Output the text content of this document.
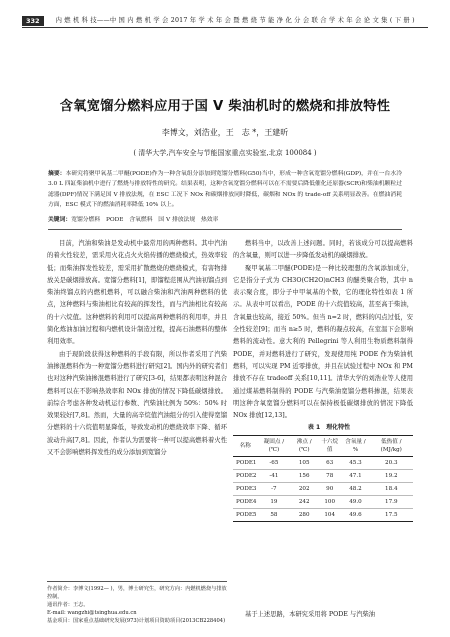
332	内 燃 机 科 技——中 国 内 燃 机 学 会 2017 年 学 术 年 会 暨 燃 烧 节 能 净 化 分 会 联 合 学 术 年 会 论 文 集 ( 下 册 )
含氧宽馏分燃料应用于国 V 柴油机时的燃烧和排放特性
李博文，刘浩业，王　志 *，王建昕
( 清华大学,汽车安全与节能国家重点实验室,北京 100084 )
摘要：本研究将聚甲氧基二甲醚(PODE)作为一种含氧组分添加到宽馏分燃料(G50)当中，形成一种含氧宽馏分燃料(GDP)，并在一台水冷 3.0 L 四缸柴油机中进行了燃烧与排放特性的研究。结果表明，这种含氧宽馏分燃料可以在不需要后降低催化还原器(SCR)和柴油机颗粒过滤器(DPF)情况下满足国 V 排放法规，在 ESC 工况下 NOx 和碳烟排放同时降低，碳烟和 NOx 的 trade-off 关系明显改善。在燃油消耗方面，ESC 模式下的燃油消耗率降低 10% 以上。
关键词：宽馏分燃料　PODE　含氧燃料　国 V 排放法规　热效率

目前，汽油和柴油是发动机中最常用的两种燃料。其中汽油的着火性较差，需采用火花点火火焰传播的燃烧模式，热效率较低；而柴油挥发性较差，需采用扩散燃烧的燃烧模式，有害物排放关是碳烟排放高。宽馏分燃料[1]，即馏程范围从汽油初馏点到柴油终馏点的内燃机燃料，可以融合柴油和汽油两种燃料的优点，这种燃料与柴油相比有较高的挥发性，而与汽油相比有较高的十六烷值。这种燃料的利用可以提高两种燃料的利用率，并且简化炼油加油过程和内燃机设计制造过程，提高石油燃料的整体利用效率。

由于现阶段获得这种燃料的手段有限，所以作者采用了汽柴油掺混燃料作为一种宽馏分燃料进行研究[2]。国内外的研究者们也对这种汽柴油掺混燃料进行了研究[3-6]，结果都表明这种混合燃料可以在不影响热效率和 NOx 排放的情况下降低碳烟排放。前综合考虑各种发动机运行参数、汽柴油比例为 50%：50% 时效果较好[7,8]。然而，大量的高辛烷值汽油组分的引入使得宽馏分燃料的十六烷值明显降低，导致发动机的燃烧效率下降、循环波动升高[7,8]。因此，作者认为需要将一种可以提高燃料着火性又不会影响燃料挥发性的成分添加到宽馏分

燃料当中，以改善上述问题。同时，若该成分可以提高燃料的含氧量，则可以进一步降低发动机的碳烟排放。

聚甲氧基二甲醚(PODE)是一种比较理想的含氧添加成分，它是指分子式为 CH3O(CH2O)nCH3 的醚类聚合物，其中 n 表示聚合度，即分子中甲氧基的个数，它的理化特性如表 1 所示。从表中可以看出，PODE 的十六烷值较高，甚至高于柴油，含氧量也较高，接近 50%。但当 n=2 时，燃料的闪点过低，安全性较差[9]；而当 n≥5 时，燃料的凝点较高，在室温下会影响燃料的流动性。意大利的 Pellegrini 等人利用生物质燃料制得 PODE，并对燃料进行了研究，发现使用纯 PODE 作为柴油机燃料，可以实现 PM 近零排放，并且在试验过程中 NOx 和 PM 排放不存在 tradeoff 关系[10,11]。清华大学的刘浩业等人使用通过煤基燃料制得的 PODE 与汽柴油宽馏分燃料掺混，结果表明这种含氧宽馏分燃料可以在保持极低碳烟排放的情况下降低 NOx 排放[12,13]。

表 1　理化特性

名称	凝固点 / (℃)	沸点 / (℃)	十六烷值	含氧量 / %	低热值 / (MJ/kg)
PODE1	-65	105	63	45.3	20.3
PODE2	-41	156	78	47.1	19.2
PODE3	-7	202	90	48.2	18.4
PODE4	19	242	100	49.0	17.9
PODE5	58	280	104	49.6	17.5
作者简介：李博文(1992— )，男，博士研究生，研究方向：内燃机燃烧与排放控制。
通讯作者：王志。
E-mail: wangzhi@tsinghua.edu.cn
基金项目：国家重点基础研究发展(973)计划项目资助项目(2013CB228404)
基于上述思路，本研究采用将 PODE 与汽柴油
